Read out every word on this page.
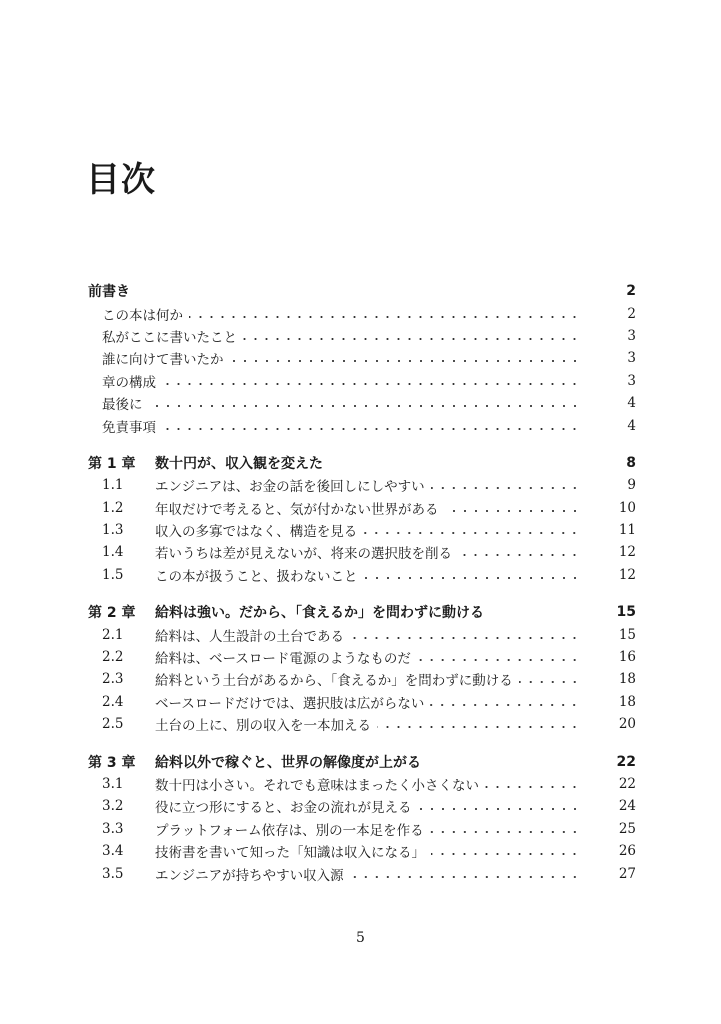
目次
前書き	2
この本は何か	2
私がここに書いたこと	3
誰に向けて書いたか	3
章の構成	3
最後に	4
免責事項	4
第 1 章	数十円が、収入観を変えた	8
1.1	エンジニアは、お金の話を後回しにしやすい	9
1.2	年収だけで考えると、気が付かない世界がある	10
1.3	収入の多寡ではなく、構造を見る	11
1.4	若いうちは差が見えないが、将来の選択肢を削る	12
1.5	この本が扱うこと、扱わないこと	12
第 2 章	給料は強い。だから、「食えるか」を問わずに動ける	15
2.1	給料は、人生設計の土台である	15
2.2	給料は、ベースロード電源のようなものだ	16
2.3	給料という土台があるから、「食えるか」を問わずに動ける	18
2.4	ベースロードだけでは、選択肢は広がらない	18
2.5	土台の上に、別の収入を一本加える	20
第 3 章	給料以外で稼ぐと、世界の解像度が上がる	22
3.1	数十円は小さい。それでも意味はまったく小さくない	22
3.2	役に立つ形にすると、お金の流れが見える	24
3.3	プラットフォーム依存は、別の一本足を作る	25
3.4	技術書を書いて知った「知識は収入になる」	26
3.5	エンジニアが持ちやすい収入源	27
5
